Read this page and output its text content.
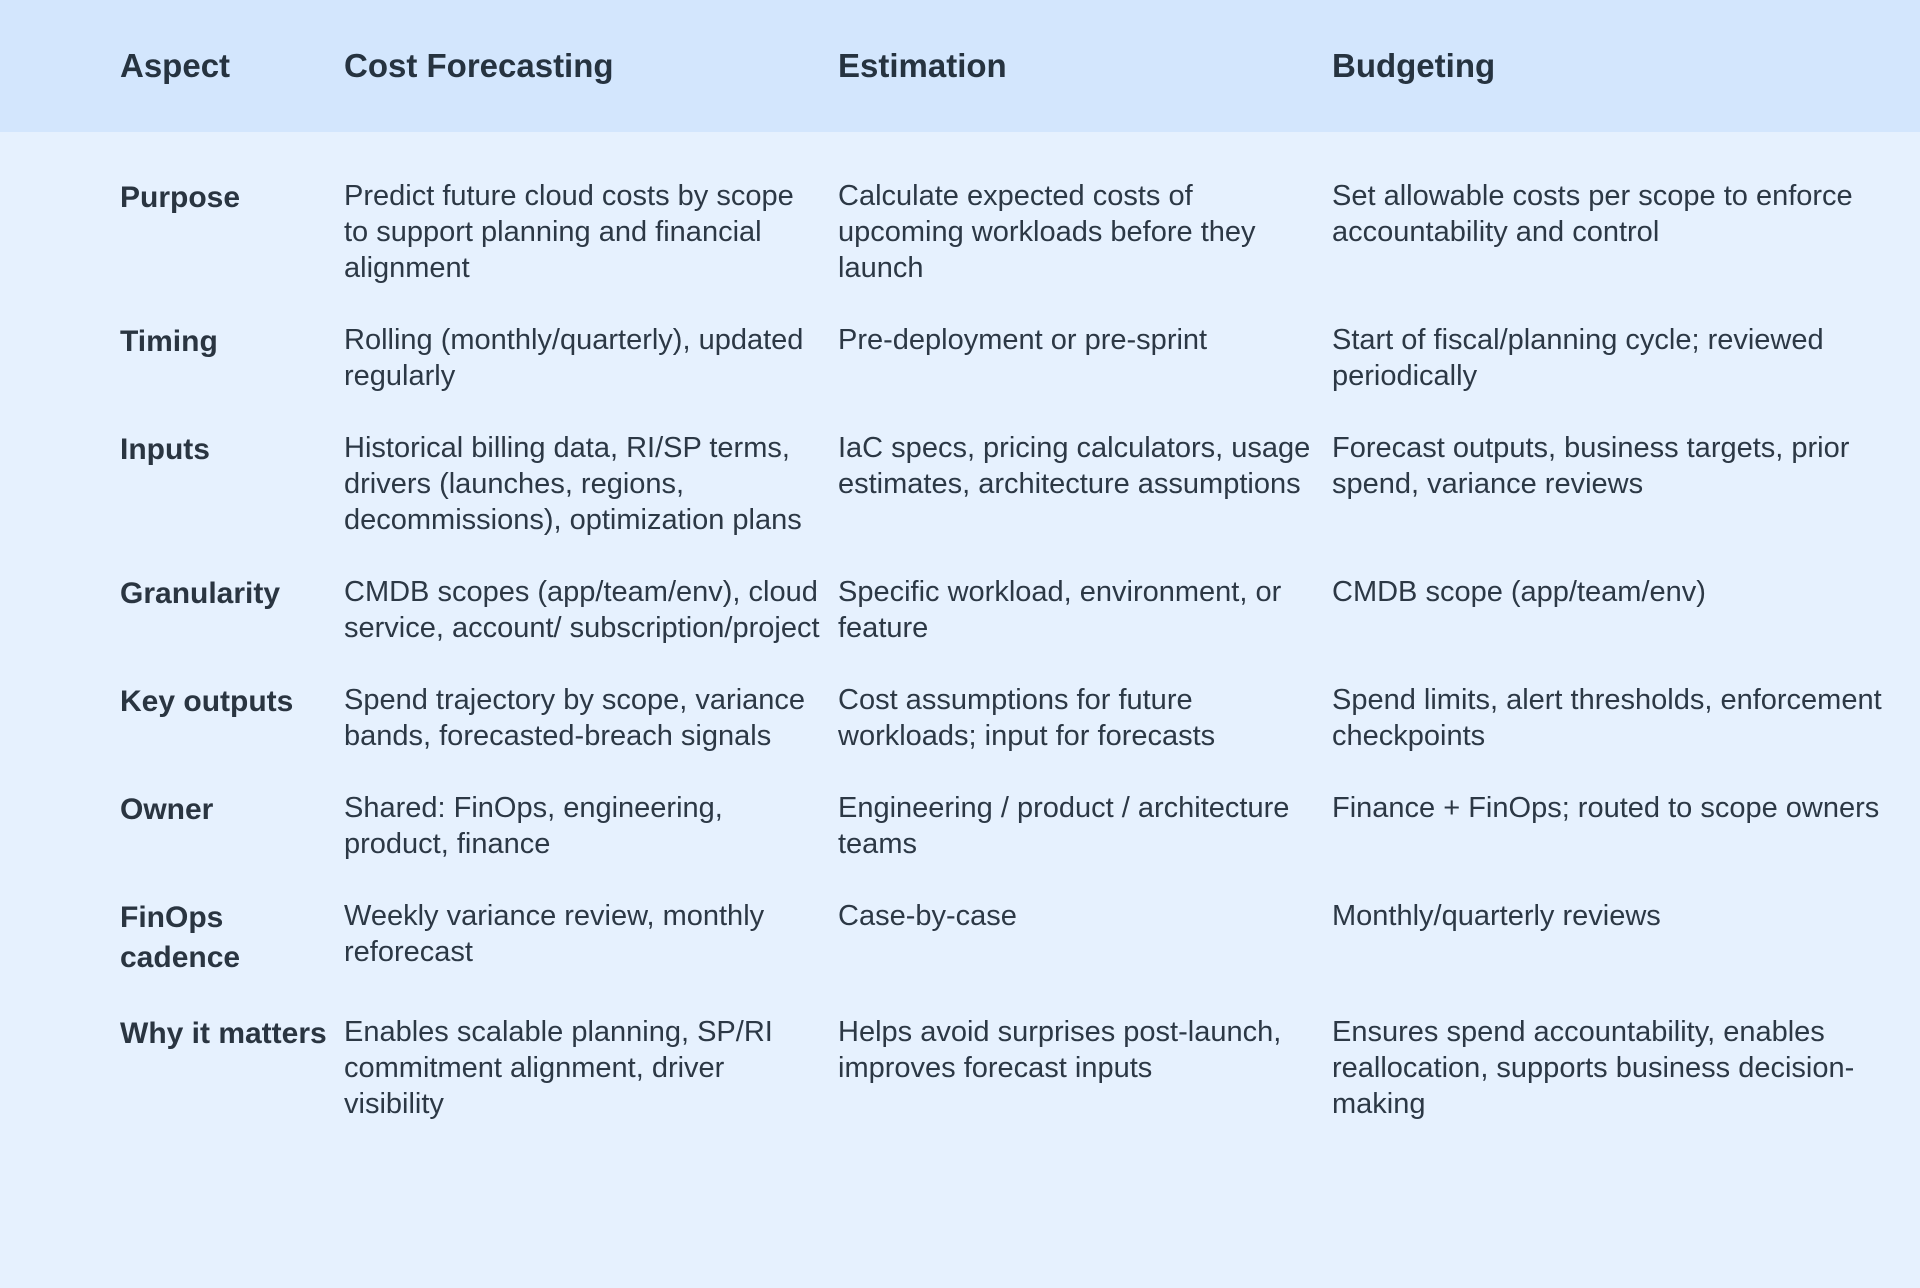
Aspect	Cost Forecasting	Estimation	Budgeting
Purpose	Predict future cloud costs by scope to support planning and financial alignment	Calculate expected costs of upcoming workloads before they launch	Set allowable costs per scope to enforce accountability and control
Timing	Rolling (monthly/quarterly), updated regularly	Pre-deployment or pre-sprint	Start of fiscal/planning cycle; reviewed periodically
Inputs	Historical billing data, RI/SP terms, drivers (launches, regions, decommissions), optimization plans	IaC specs, pricing calculators, usage estimates, architecture assumptions	Forecast outputs, business targets, prior spend, variance reviews
Granularity	CMDB scopes (app/team/env), cloud service, account/ subscription/project	Specific workload, environment, or feature	CMDB scope (app/team/env)
Key outputs	Spend trajectory by scope, variance bands, forecasted-breach signals	Cost assumptions for future workloads; input for forecasts	Spend limits, alert thresholds, enforcement checkpoints
Owner	Shared: FinOps, engineering, product, finance	Engineering / product / architecture teams	Finance + FinOps; routed to scope owners
FinOps cadence	Weekly variance review, monthly reforecast	Case-by-case	Monthly/quarterly reviews
Why it matters	Enables scalable planning, SP/RI commitment alignment, driver visibility	Helps avoid surprises post-launch, improves forecast inputs	Ensures spend accountability, enables reallocation, supports business decision-making
